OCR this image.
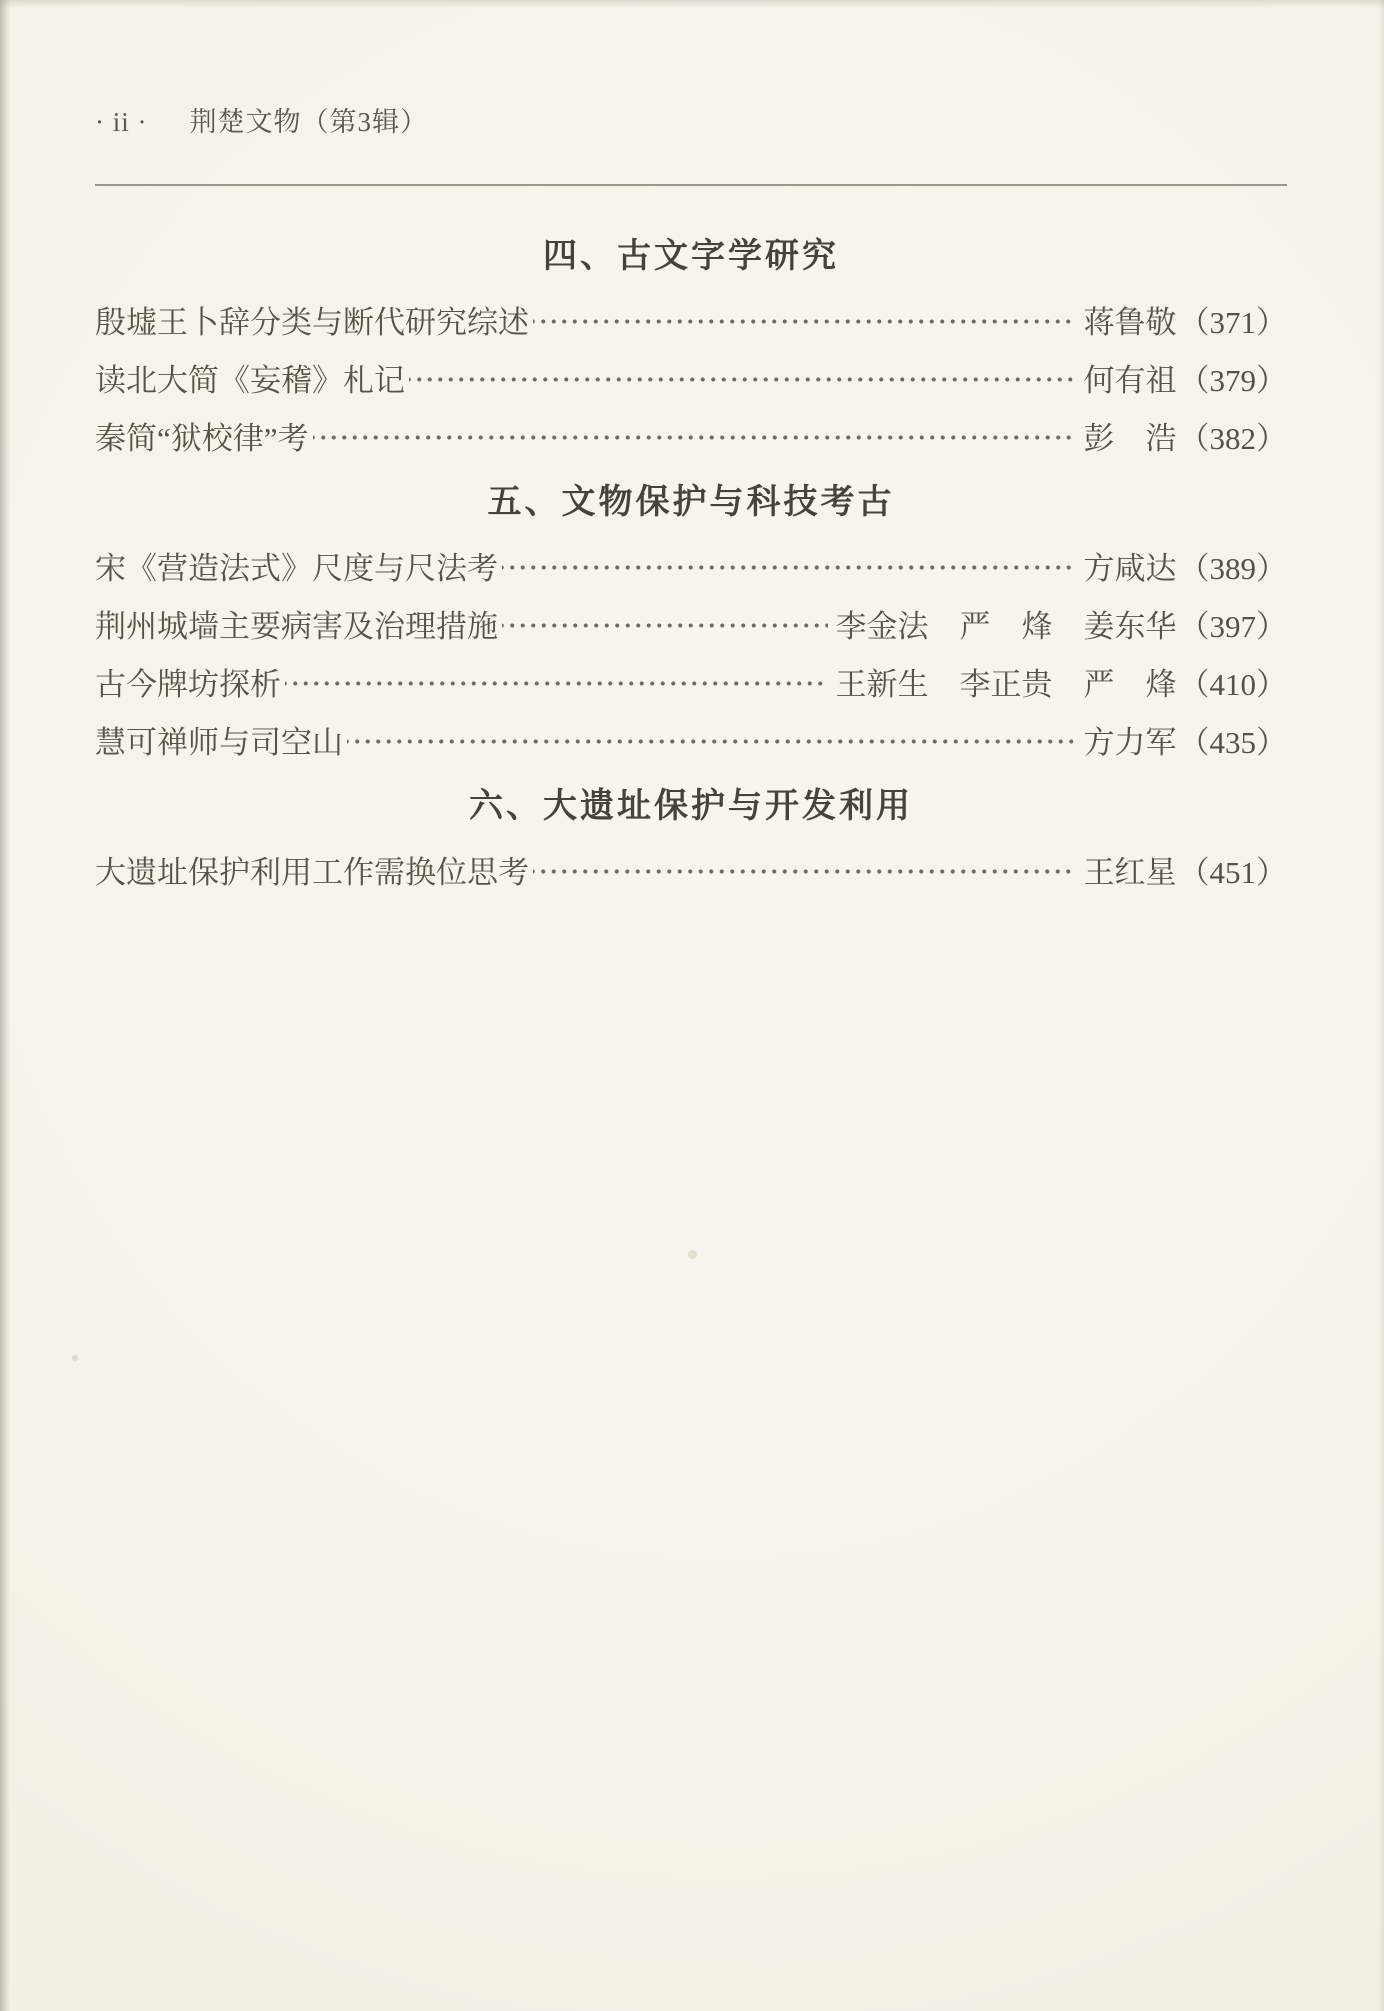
· ii · 荆楚文物（第3辑）
四、古文字学研究
殷墟王卜辞分类与断代研究综述	蒋鲁敬 （371）
读北大简《妄稽》札记	何有祖 （379）
秦简“狱校律”考	彭　浩 （382）
五、文物保护与科技考古
宋《营造法式》尺度与尺法考	方咸达 （389）
荆州城墙主要病害及治理措施	李金法　严　烽　姜东华 （397）
古今牌坊探析	王新生　李正贵　严　烽 （410）
慧可禅师与司空山	方力军 （435）
六、大遗址保护与开发利用
大遗址保护利用工作需换位思考	王红星 （451）
